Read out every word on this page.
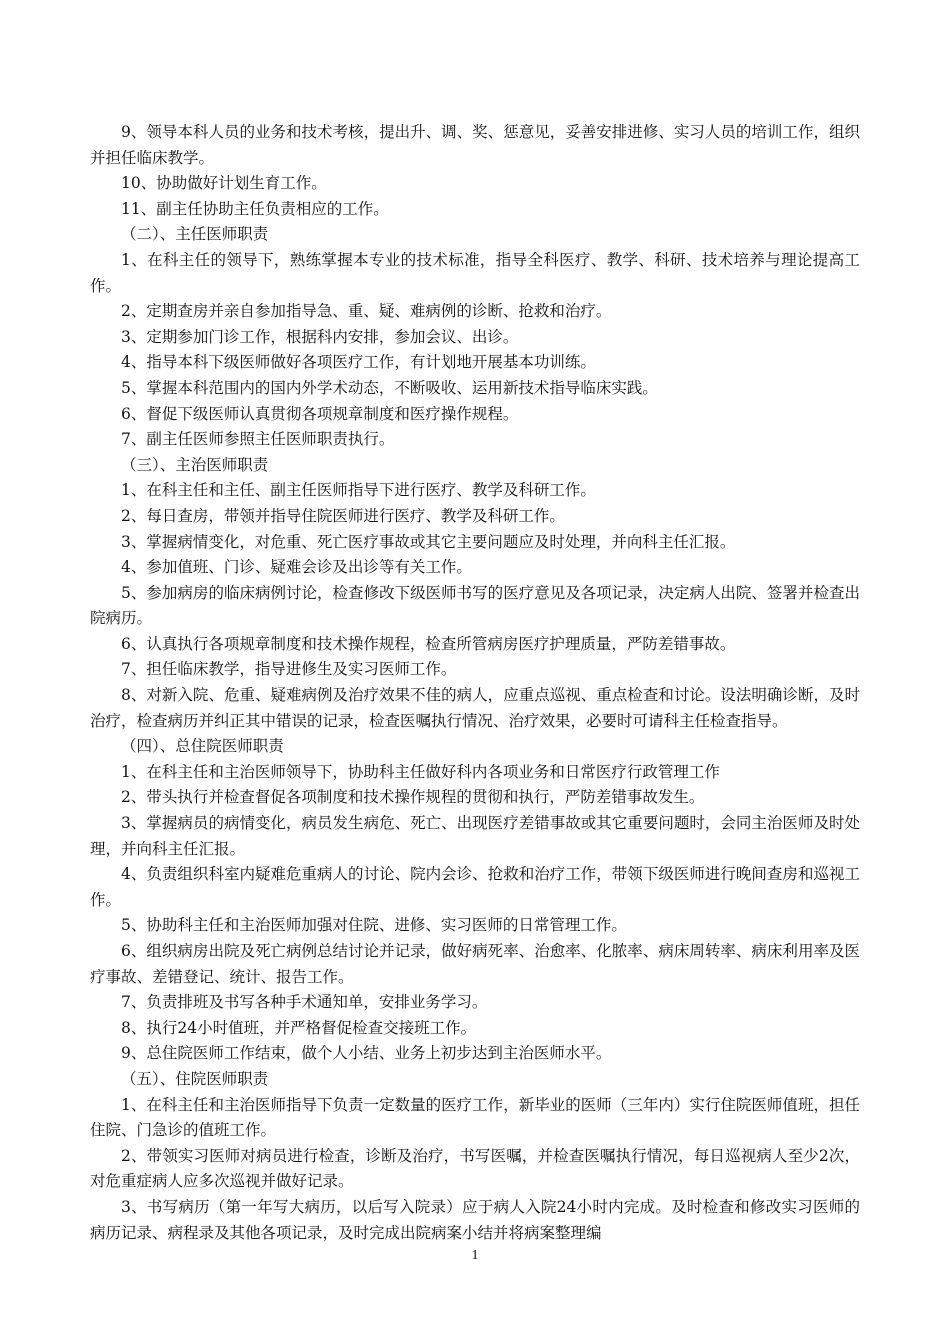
9、领导本科人员的业务和技术考核，提出升、调、奖、惩意见，妥善安排进修、实习人员的培训工作，组织并担任临床教学。

10、协助做好计划生育工作。

11、副主任协助主任负责相应的工作。

（二）、主任医师职责

1、在科主任的领导下，熟练掌握本专业的技术标准，指导全科医疗、教学、科研、技术培养与理论提高工作。

2、定期查房并亲自参加指导急、重、疑、难病例的诊断、抢救和治疗。

3、定期参加门诊工作，根据科内安排，参加会议、出诊。

4、指导本科下级医师做好各项医疗工作，有计划地开展基本功训练。

5、掌握本科范围内的国内外学术动态，不断吸收、运用新技术指导临床实践。

6、督促下级医师认真贯彻各项规章制度和医疗操作规程。

7、副主任医师参照主任医师职责执行。

（三）、主治医师职责

1、在科主任和主任、副主任医师指导下进行医疗、教学及科研工作。

2、每日查房，带领并指导住院医师进行医疗、教学及科研工作。

3、掌握病情变化，对危重、死亡医疗事故或其它主要问题应及时处理，并向科主任汇报。

4、参加值班、门诊、疑难会诊及出诊等有关工作。

5、参加病房的临床病例讨论，检查修改下级医师书写的医疗意见及各项记录，决定病人出院、签署并检查出院病历。

6、认真执行各项规章制度和技术操作规程，检查所管病房医疗护理质量，严防差错事故。

7、担任临床教学，指导进修生及实习医师工作。

8、对新入院、危重、疑难病例及治疗效果不佳的病人，应重点巡视、重点检查和讨论。设法明确诊断，及时治疗，检查病历并纠正其中错误的记录，检查医嘱执行情况、治疗效果，必要时可请科主任检查指导。

（四）、总住院医师职责

1、在科主任和主治医师领导下，协助科主任做好科内各项业务和日常医疗行政管理工作

2、带头执行并检查督促各项制度和技术操作规程的贯彻和执行，严防差错事故发生。

3、掌握病员的病情变化，病员发生病危、死亡、出现医疗差错事故或其它重要问题时，会同主治医师及时处理，并向科主任汇报。

4、负责组织科室内疑难危重病人的讨论、院内会诊、抢救和治疗工作，带领下级医师进行晚间查房和巡视工作。

5、协助科主任和主治医师加强对住院、进修、实习医师的日常管理工作。

6、组织病房出院及死亡病例总结讨论并记录，做好病死率、治愈率、化脓率、病床周转率、病床利用率及医疗事故、差错登记、统计、报告工作。

7、负责排班及书写各种手术通知单，安排业务学习。

8、执行24小时值班，并严格督促检查交接班工作。

9、总住院医师工作结束，做个人小结、业务上初步达到主治医师水平。

（五）、住院医师职责

1、在科主任和主治医师指导下负责一定数量的医疗工作，新毕业的医师（三年内）实行住院医师值班，担任住院、门急诊的值班工作。

2、带领实习医师对病员进行检查，诊断及治疗，书写医嘱，并检查医嘱执行情况，每日巡视病人至少2次，对危重症病人应多次巡视并做好记录。

3、书写病历（第一年写大病历，以后写入院录）应于病人入院24小时内完成。及时检查和修改实习医师的病历记录、病程录及其他各项记录，及时完成出院病案小结并将病案整理编

1
